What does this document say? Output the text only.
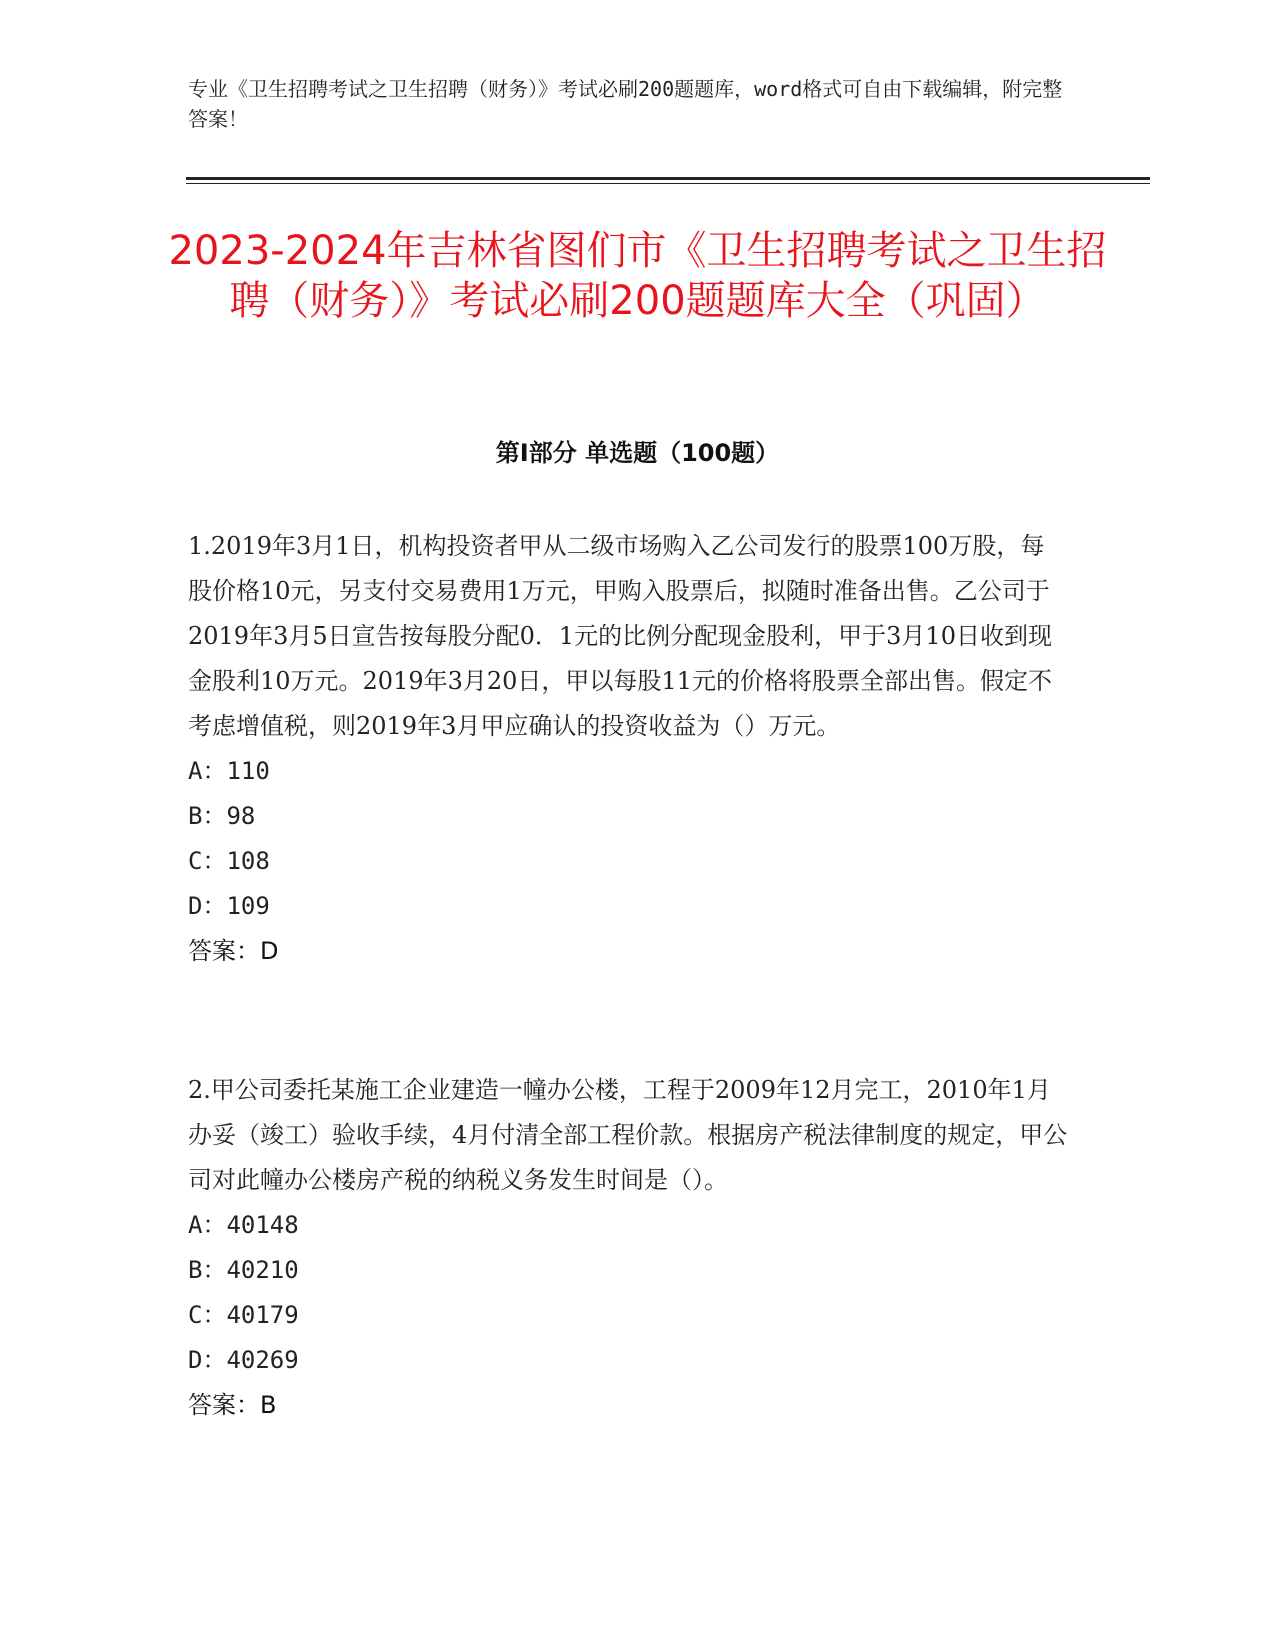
专业《卫生招聘考试之卫生招聘（财务）》考试必刷200题题库，word格式可自由下载编辑，附完整答案！
2023-2024年吉林省图们市《卫生招聘考试之卫生招聘（财务）》考试必刷200题题库大全（巩固）
第Ⅰ部分 单选题（100题）

1.2019年3月1日，机构投资者甲从二级市场购入乙公司发行的股票100万股，每股价格10元，另支付交易费用1万元，甲购入股票后，拟随时准备出售。乙公司于2019年3月5日宣告按每股分配0．1元的比例分配现金股利，甲于3月10日收到现金股利10万元。2019年3月20日，甲以每股11元的价格将股票全部出售。假定不考虑增值税，则2019年3月甲应确认的投资收益为（）万元。

A：110

B：98

C：108

D：109

答案：D

2.甲公司委托某施工企业建造一幢办公楼，工程于2009年12月完工，2010年1月办妥（竣工）验收手续，4月付清全部工程价款。根据房产税法律制度的规定，甲公司对此幢办公楼房产税的纳税义务发生时间是（）。

A：40148

B：40210

C：40179

D：40269

答案：B
